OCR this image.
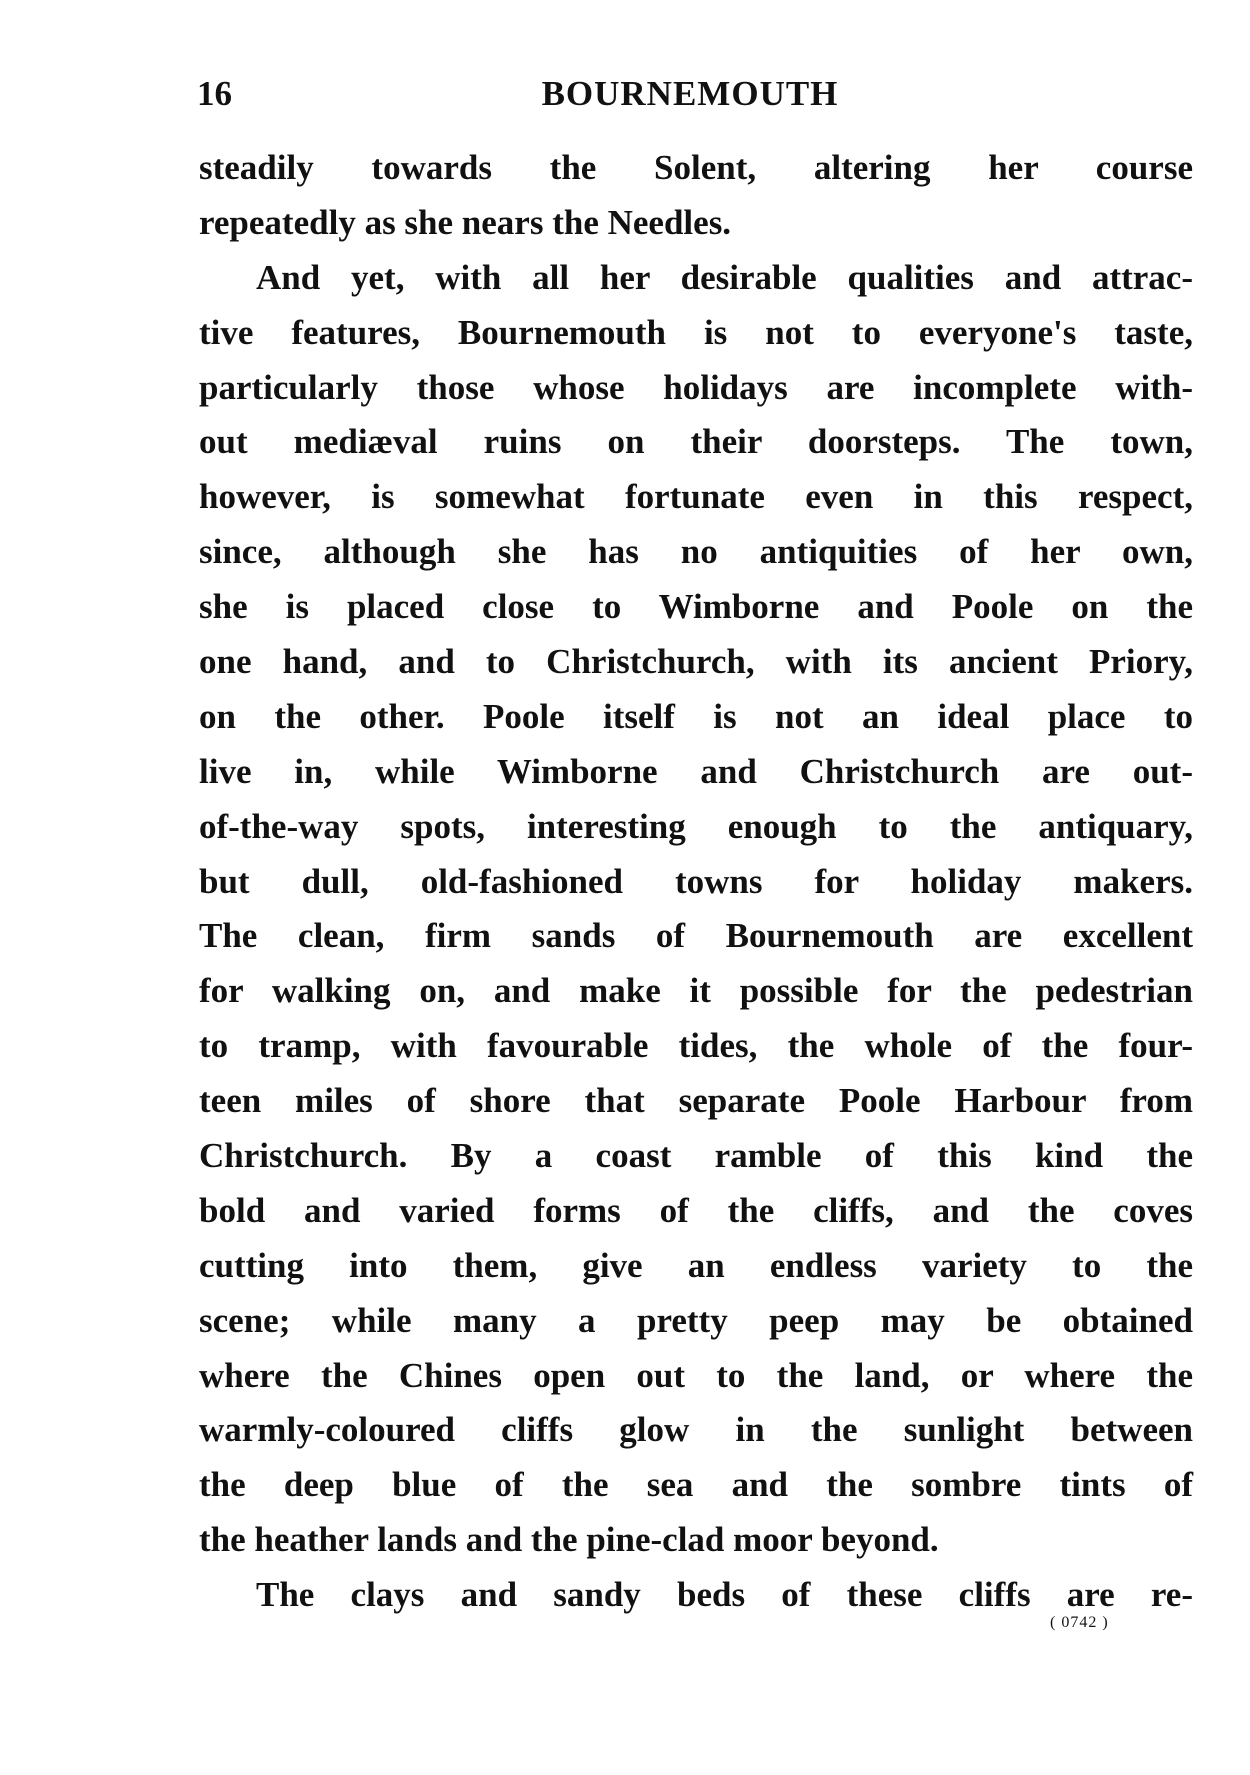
16	BOURNEMOUTH
steadily towards the Solent, altering her course
repeatedly as she nears the Needles.
And yet, with all her desirable qualities and attrac-
tive features, Bournemouth is not to everyone's taste,
particularly those whose holidays are incomplete with-
out mediæval ruins on their doorsteps. The town,
however, is somewhat fortunate even in this respect,
since, although she has no antiquities of her own,
she is placed close to Wimborne and Poole on the
one hand, and to Christchurch, with its ancient Priory,
on the other. Poole itself is not an ideal place to
live in, while Wimborne and Christchurch are out-
of-the-way spots, interesting enough to the antiquary,
but dull, old-fashioned towns for holiday makers.
The clean, firm sands of Bournemouth are excellent
for walking on, and make it possible for the pedestrian
to tramp, with favourable tides, the whole of the four-
teen miles of shore that separate Poole Harbour from
Christchurch. By a coast ramble of this kind the
bold and varied forms of the cliffs, and the coves
cutting into them, give an endless variety to the
scene; while many a pretty peep may be obtained
where the Chines open out to the land, or where the
warmly-coloured cliffs glow in the sunlight between
the deep blue of the sea and the sombre tints of
the heather lands and the pine-clad moor beyond.
The clays and sandy beds of these cliffs are re-
( 0742 )
